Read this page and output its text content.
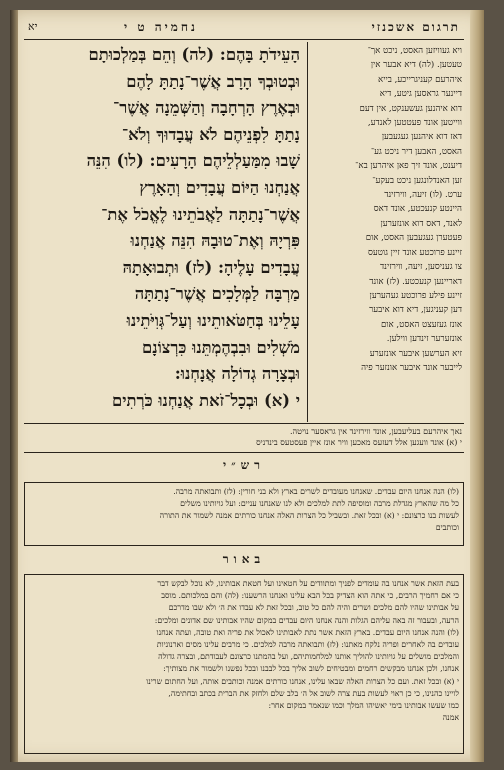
תרגום אשכנזי
נחמיה ט י
יא
ויא געוויזען האסט, ניכט אך־
טעטען. (לה) דיא אבער אין
איהרעם קעניגרייכע, בייא
דיינער גראסען גיטע, דיא
דוא איהנען געשענקט, אין דעם
ווייטען אונד פעטטען לאנדע,
דאז דוא איהנען געגעבען
האסט, האבען דיר ניכט גע־
דיענט, אונד זיך פאן איהרען בא־
זען האנדלונגען ניכט בעקע־
ערט. (לו) זיעה, ווירזינד
היינטע קנעכטע, אונד דאס
לאנד, דאס דוא אונזערען
פעטערן געגעבען האסט, אום
זיינע פרוכטע אונד זיין גוטעס
צו געניסען, זיעה, ווירזינד
דאריינען קנעכטע. (לז) אונד
זיינע פילע פרוכטע געהערען
דען קעניגען, דיא דוא איבער
אונז געזעצט האסט, אום
אונזערער זינדען ווילען.
זיא הערשען איבער אונזערע
לייבער אונד איבער אונזער פיה
הָעֵידֹתָ בָּהֶם: (לה) וְהֵם בְּמַלְכוּתָם
וּבְטוּבְךָ הָרָב אֲשֶׁר־נָתַתָּ לָהֶם
וּבְאֶרֶץ הָרְחָבָה וְהַשְּׁמֵנָה אֲשֶׁר־
נָתַתָּ לִפְנֵיהֶם לֹא עֲבָדוּךָ וְלֹא־
שָׁבוּ מִמַּעַלְלֵיהֶם הָרָעִים: (לו) הִנֵּה
אֲנַחְנוּ הַיּוֹם עֲבָדִים וְהָאָרֶץ
אֲשֶׁר־נָתַתָּה לַאֲבֹתֵינוּ לֶאֱכֹל אֶת־
פִּרְיָהּ וְאֶת־טוּבָהּ הִנֵּה אֲנַחְנוּ
עֲבָדִים עָלֶיהָ: (לז) וּתְבוּאָתָהּ
מַרְבָּה לַמְּלָכִים אֲשֶׁר־נָתַתָּה
עָלֵינוּ בְּחַטֹּאותֵינוּ וְעַל־גְּוִיֹּתֵינוּ
מֹשְׁלִים וּבִבְהֶמְתֵּנוּ כִּרְצוֹנָם
וּבְצָרָה גְדוֹלָה אֲנָחְנוּ:
י (א) וּבְכָל־זֹאת אֲנַחְנוּ כֹּרְתִים
נאך איהרעם בעליעבען, אונד ווירזינד אין גראסער נויטה.
י (א) אונד וועגען אלל דעזעס מאכען וויר אונז איין פעסטעס בינדניס
רש״י
(לו) הנה אנחנו היום עבדים. שאנחנו מעובדים לשרים בארץ ולא בני חורין: (לז) ותבואתה מרבה.
כל מה שהארץ מגדלת מרבה ומוסיפה לתת למלכים ולא לנו שאנחנו עניים: ועל גויותינו משלים
לעשות בנו כרצונם: י (א) ובכל זאת. ובשביל כל הצרות האלה אנחנו כורתים אמנה לשמור את התורה
וכותבים
באור
בעת הזאת אשר אנחנו בה עומדים לפניך ומתוודים על חטאינו ועל חטאת אבותינו, לא נוכל לבקש דבר
כי אם רחמיך הרבים, כי אתה הוא הצדיק בכל הבא עלינו ואנחנו הרשענו: (לה) והם במלכותם. מוסב
על אבותינו שהיו להם מלכים ושרים והיה להם כל טוב, ובכל זאת לא עבדו את ה׳ ולא שבו מדרכם
הרעה, ובעבור זה באה עליהם הגלות והנה אנחנו היום עבדים במקום שהיו אבותינו שם אדונים ומלכים:
(לו) והנה אנחנו היום עבדים. בארץ הזאת אשר נתת לאבותינו לאכול את פריה ואת טובה, ועתה אנחנו
עובדים בה לאחרים ופריה נלקח מאתנו: (לז) ותבואתה מרבה למלכים. כי מרבים עלינו מסים וארנוניות
והמלכים מושלים על גויותינו להוליך אותנו למלחמותיהם, ועל בהמתנו כרצונם לעבודתם, ובצרה גדולה
אנחנו, ולכן אנחנו מבקשים רחמים ומבטיחים לשוב אליך בכל לבבנו ובכל נפשנו ולשמור את מצותיך:
י (א) ובכל זאת. ועם כל הצרות האלה שבאו עלינו, אנחנו כורתים אמנה וכותבים אותה, ועל החתום שרינו
לויינו כהנינו, כי כן ראוי לעשות בעת צרה לשוב אל ה׳ בלב שלם ולחזק את הברית בכתב ובחתימה,
כמו שעשו אבותינו בימי יאשיהו המלך וכמו שנאמר במקום אחר:
אמנה
